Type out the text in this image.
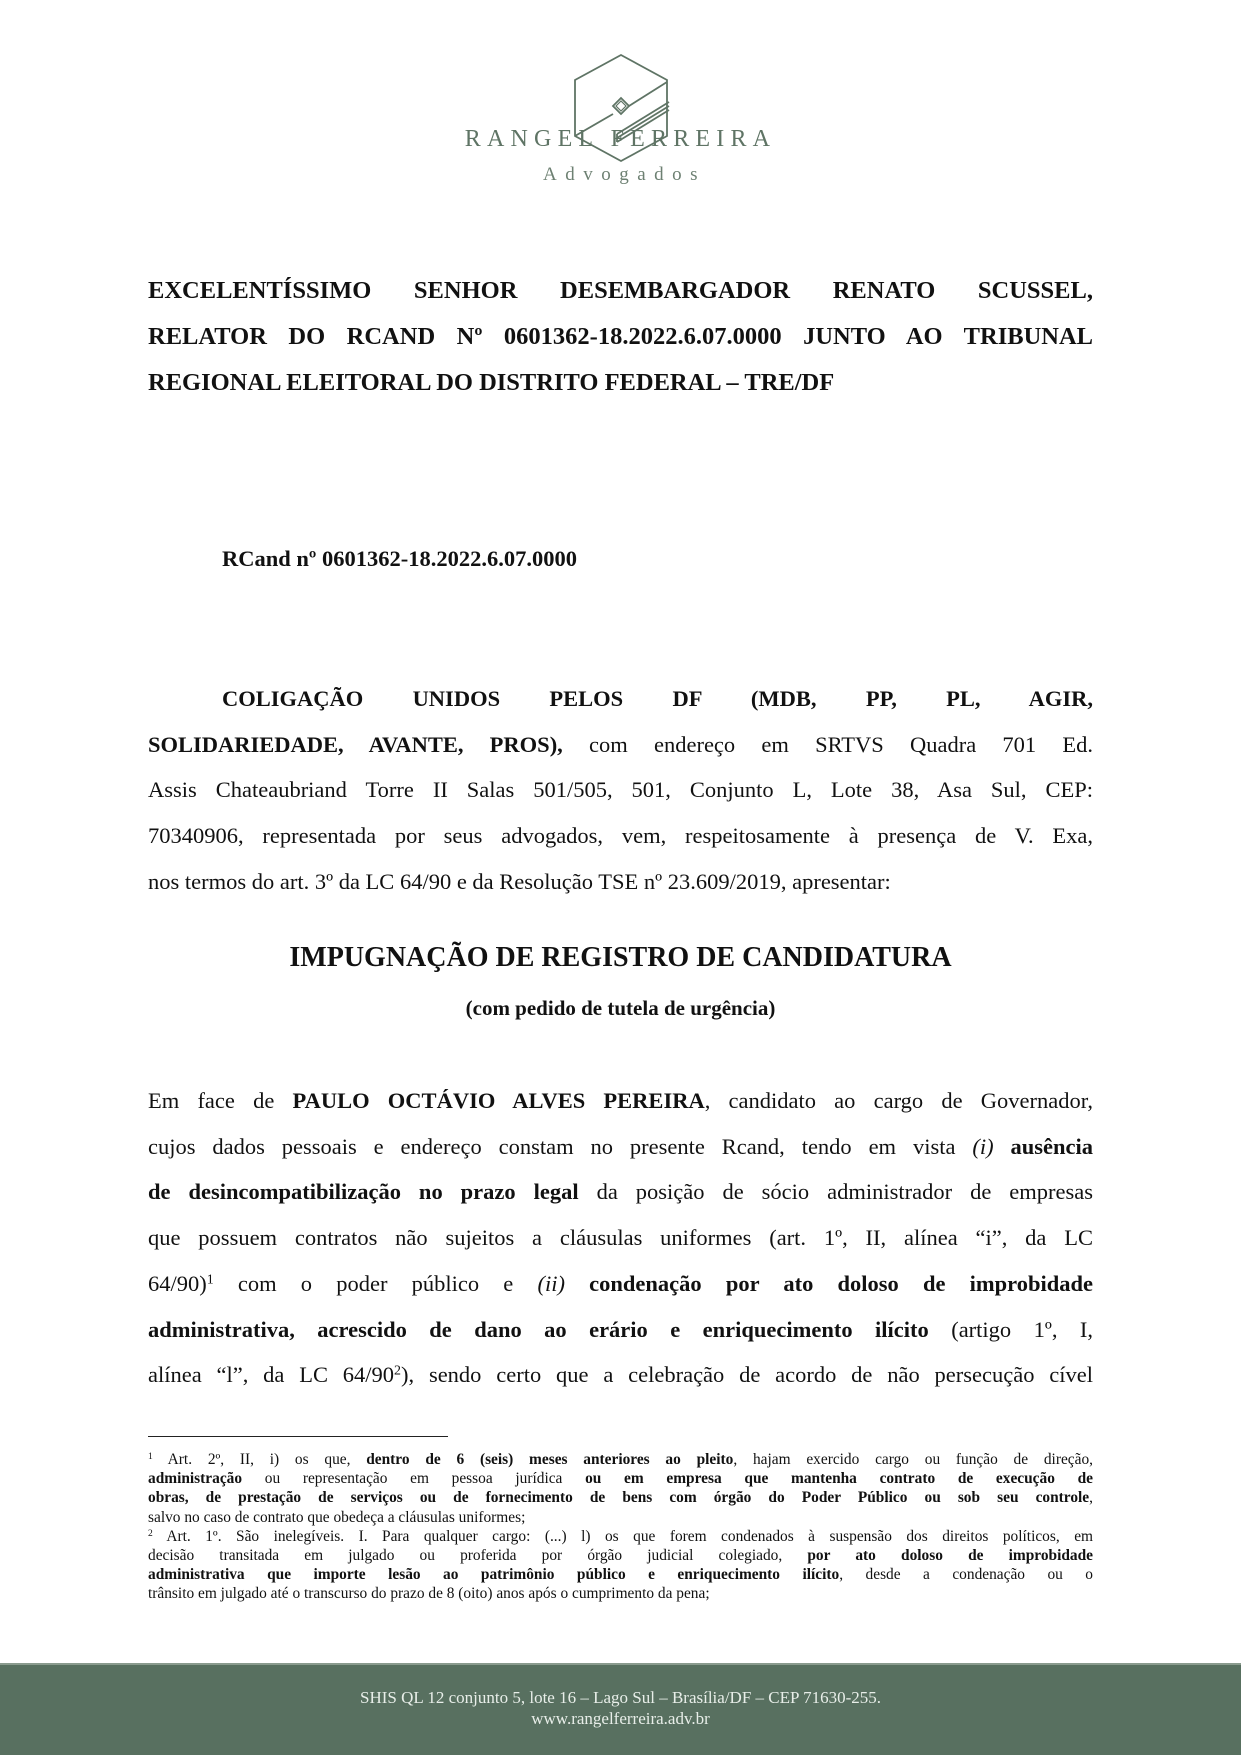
RANGEL FERREIRA
Advogados
EXCELENTÍSSIMO SENHOR DESEMBARGADOR RENATO SCUSSEL,
RELATOR DO RCAND Nº 0601362-18.2022.6.07.0000 JUNTO AO TRIBUNAL
REGIONAL ELEITORAL DO DISTRITO FEDERAL – TRE/DF
RCand nº 0601362-18.2022.6.07.0000
COLIGAÇÃO UNIDOS PELOS DF (MDB, PP, PL, AGIR,
SOLIDARIEDADE, AVANTE, PROS), com endereço em SRTVS Quadra 701 Ed.
Assis Chateaubriand Torre II Salas 501/505, 501, Conjunto L, Lote 38, Asa Sul, CEP:
70340906, representada por seus advogados, vem, respeitosamente à presença de V. Exa,
nos termos do art. 3º da LC 64/90 e da Resolução TSE nº 23.609/2019, apresentar:
IMPUGNAÇÃO DE REGISTRO DE CANDIDATURA
(com pedido de tutela de urgência)
Em face de PAULO OCTÁVIO ALVES PEREIRA, candidato ao cargo de Governador,
cujos dados pessoais e endereço constam no presente Rcand, tendo em vista (i) ausência
de desincompatibilização no prazo legal da posição de sócio administrador de empresas
que possuem contratos não sujeitos a cláusulas uniformes (art. 1º, II, alínea “i”, da LC
64/90)$^1$ com o poder público e (ii) condenação por ato doloso de improbidade
administrativa, acrescido de dano ao erário e enriquecimento ilícito (artigo 1º, I,
alínea “l”, da LC $64/90^2$), sendo certo que a celebração de acordo de não persecução cível
$^1$ Art. 2º, II, i) os que, dentro de 6 (seis) meses anteriores ao pleito, hajam exercido cargo ou função de direção,
administração ou representação em pessoa jurídica ou em empresa que mantenha contrato de execução de
obras, de prestação de serviços ou de fornecimento de bens com órgão do Poder Público ou sob seu controle,
salvo no caso de contrato que obedeça a cláusulas uniformes;
$^2$ Art. 1º. São inelegíveis. I. Para qualquer cargo: (...) l) os que forem condenados à suspensão dos direitos políticos, em
decisão transitada em julgado ou proferida por órgão judicial colegiado, por ato doloso de improbidade
administrativa que importe lesão ao patrimônio público e enriquecimento ilícito, desde a condenação ou o
trânsito em julgado até o transcurso do prazo de 8 (oito) anos após o cumprimento da pena;
SHIS QL 12 conjunto 5, lote 16 – Lago Sul – Brasília/DF – CEP 71630-255.
www.rangelferreira.adv.br
